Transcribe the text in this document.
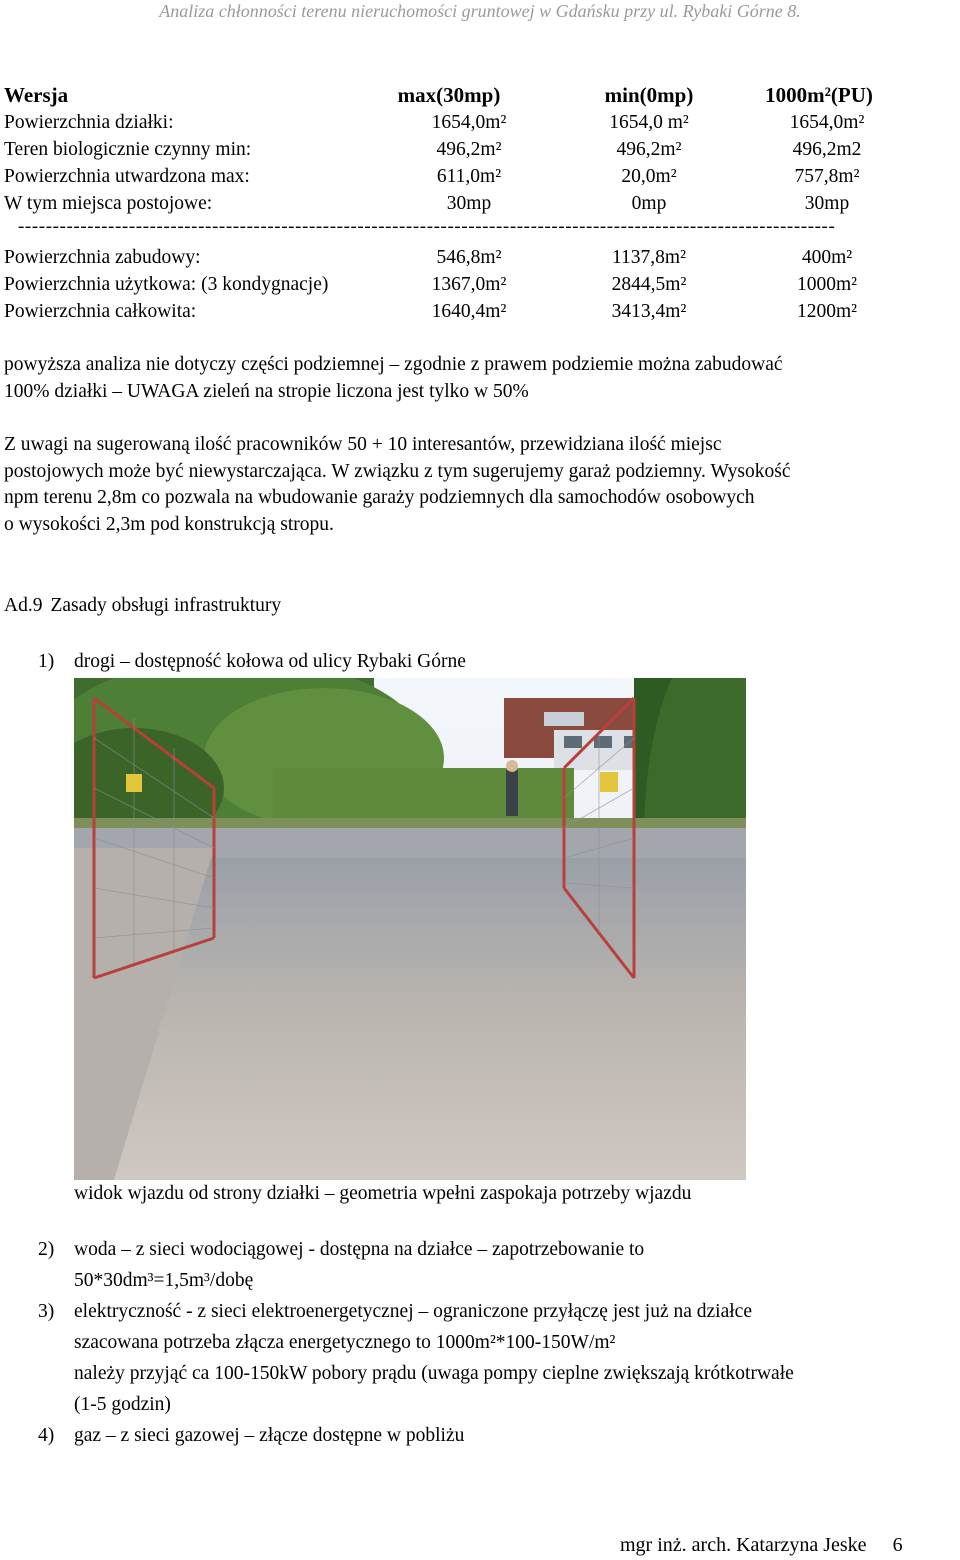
Analiza chłonności terenu nieruchomości gruntowej w Gdańsku przy ul. Rybaki Górne 8.
Wersja	max(30mp)	min(0mp)	1000m²(PU)
Powierzchnia działki:	1654,0m²	1654,0 m²	1654,0m²
Teren biologicznie czynny min:	496,2m²	496,2m²	496,2m2
Powierzchnia utwardzona max:	611,0m²	20,0m²	757,8m²
W tym miejsca postojowe:	30mp	0mp	30mp
----------------------------------------------------------------------------------------------------------------------
Powierzchnia zabudowy:	546,8m²	1137,8m²	400m²
Powierzchnia użytkowa: (3 kondygnacje)	1367,0m²	2844,5m²	1000m²
Powierzchnia całkowita:	1640,4m²	3413,4m²	1200m²
powyższa analiza nie dotyczy części podziemnej – zgodnie z prawem podziemie można zabudować
100% działki – UWAGA zieleń na stropie liczona jest tylko w 50%
Z uwagi na sugerowaną ilość pracowników 50 + 10 interesantów, przewidziana ilość miejsc
postojowych może być niewystarczająca. W związku z tym sugerujemy garaż podziemny. Wysokość
npm terenu 2,8m co pozwala na wbudowanie garaży podziemnych dla samochodów osobowych
o wysokości 2,3m pod konstrukcją stropu.
Ad.9 Zasady obsługi infrastruktury
1)	drogi – dostępność kołowa od ulicy Rybaki Górne
widok wjazdu od strony działki – geometria wpełni zaspokaja potrzeby wjazdu
2)	woda – z sieci wodociągowej - dostępna na działce – zapotrzebowanie to
50*30dm³=1,5m³/dobę
3)	elektryczność - z sieci elektroenergetycznej – ograniczone przyłączę jest już na działce
szacowana potrzeba złącza energetycznego to 1000m²*100-150W/m²
należy przyjąć ca 100-150kW pobory prądu (uwaga pompy cieplne zwiększają krótkotrwałe
(1-5 godzin)
4)	gaz – z sieci gazowej – złącze dostępne w pobliżu
mgr inż. arch. Katarzyna Jeske 6
